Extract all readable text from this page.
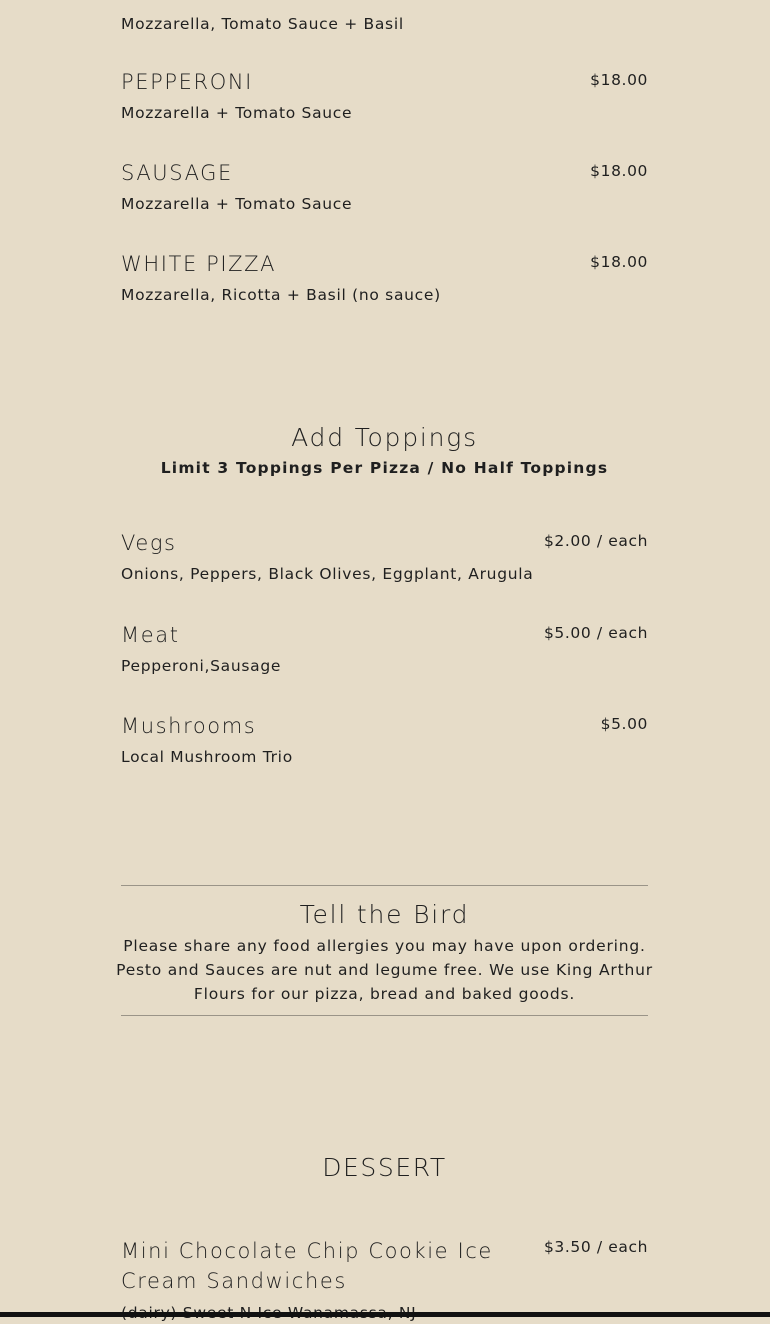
Mozzarella, Tomato Sauce + Basil
PEPPERONI	$18.00
Mozzarella + Tomato Sauce
SAUSAGE	$18.00
Mozzarella + Tomato Sauce
WHITE PIZZA	$18.00
Mozzarella, Ricotta + Basil (no sauce)
Add Toppings
Limit 3 Toppings Per Pizza / No Half Toppings
Vegs	$2.00 / each
Onions, Peppers, Black Olives, Eggplant, Arugula
Meat	$5.00 / each
Pepperoni,Sausage
Mushrooms	$5.00
Local Mushroom Trio
Tell the Bird
Please share any food allergies you may have upon ordering. Pesto and Sauces are nut and legume free. We use King Arthur Flours for our pizza, bread and baked goods.
DESSERT
Mini Chocolate Chip Cookie Ice Cream Sandwiches
$3.50 / each
